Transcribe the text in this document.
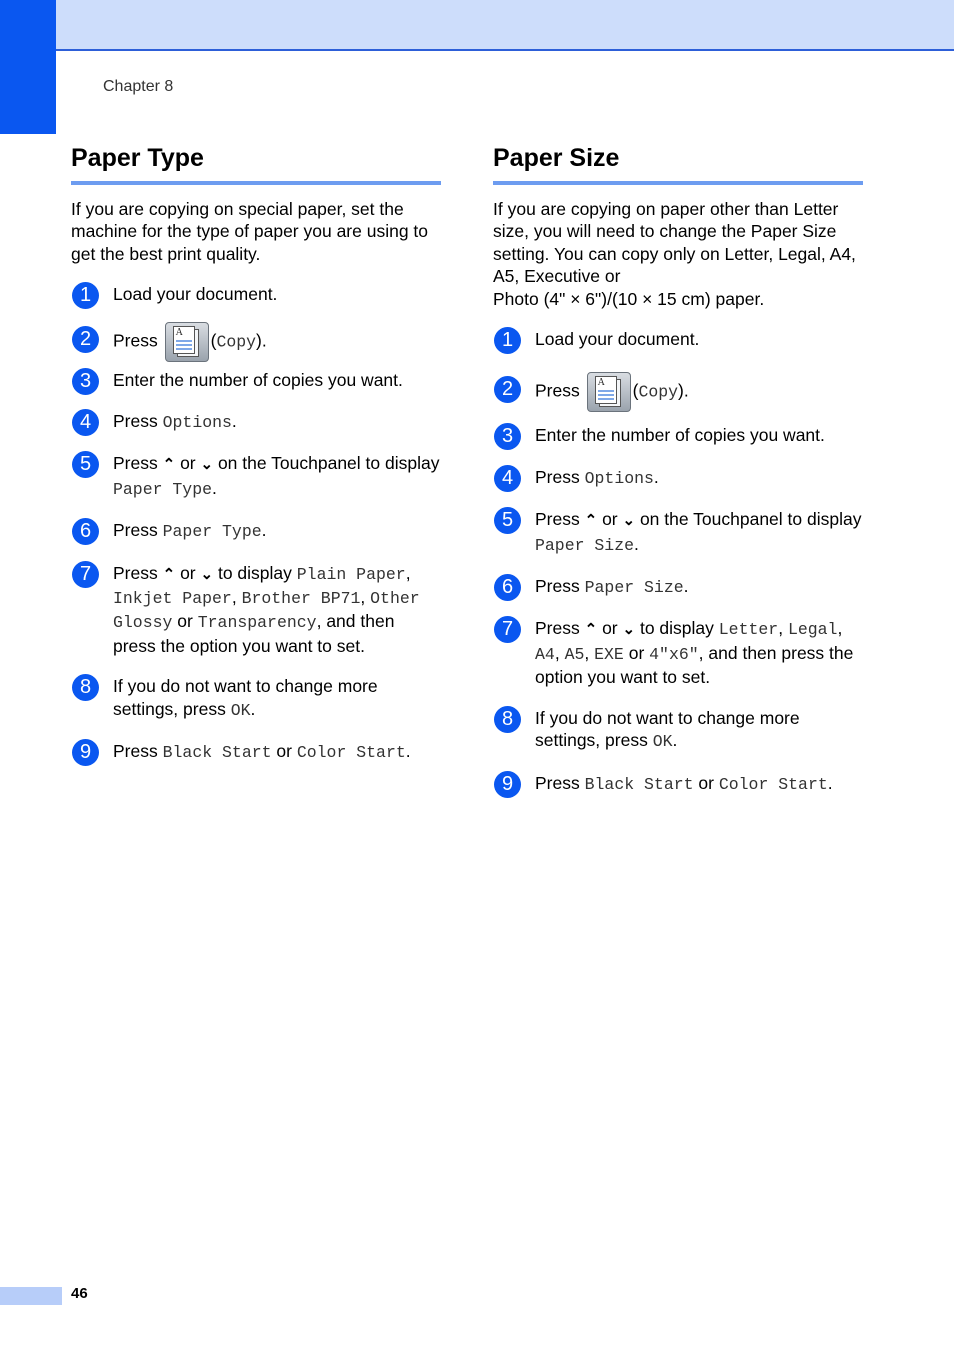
Chapter 8
Paper Type

If you are copying on special paper, set the machine for the type of paper you are using to get the best print quality.

1	Load your document.
2	Press	A	(Copy).
3	Enter the number of copies you want.
4	Press Options.
5	Press ⌃ or ⌄ on the Touchpanel to display Paper Type.
6	Press Paper Type.
7	Press ⌃ or ⌄ to display Plain Paper, Inkjet Paper, Brother BP71, Other Glossy or Transparency, and then press the option you want to set.
8	If you do not want to change more settings, press OK.
9	Press Black Start or Color Start.
Paper Size

If you are copying on paper other than Letter size, you will need to change the Paper Size setting. You can copy only on Letter, Legal, A4, A5, Executive or
Photo (4" × 6")/(10 × 15 cm) paper.

1	Load your document.
2	Press	A	(Copy).
3	Enter the number of copies you want.
4	Press Options.
5	Press ⌃ or ⌄ on the Touchpanel to display Paper Size.
6	Press Paper Size.
7	Press ⌃ or ⌄ to display Letter, Legal, A4, A5, EXE or 4"x6", and then press the option you want to set.
8	If you do not want to change more settings, press OK.
9	Press Black Start or Color Start.
46
